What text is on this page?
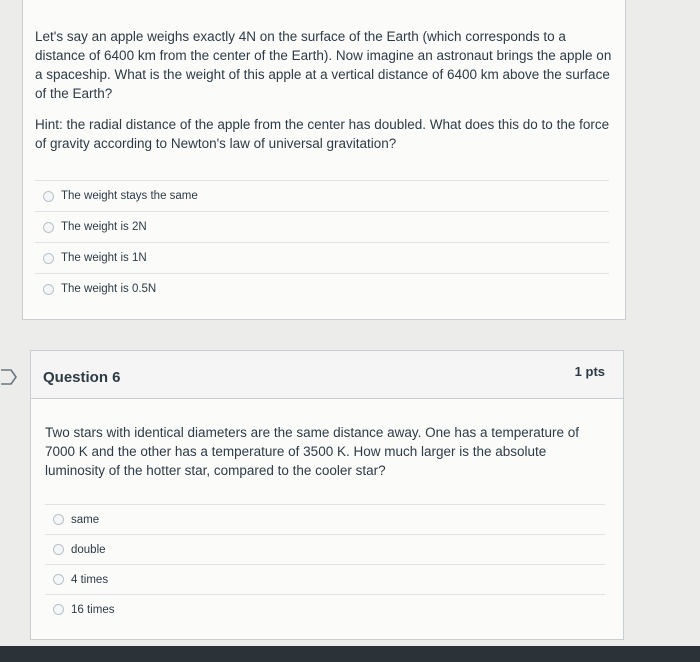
Let's say an apple weighs exactly 4N on the surface of the Earth (which corresponds to a distance of 6400 km from the center of the Earth). Now imagine an astronaut brings the apple on a spaceship. What is the weight of this apple at a vertical distance of 6400 km above the surface of the Earth?

Hint: the radial distance of the apple from the center has doubled. What does this do to the force of gravity according to Newton's law of universal gravitation?

The weight stays the same
The weight is 2N
The weight is 1N
The weight is 0.5N
Question 6	1 pts

Two stars with identical diameters are the same distance away. One has a temperature of 7000 K and the other has a temperature of 3500 K. How much larger is the absolute luminosity of the hotter star, compared to the cooler star?

same
double
4 times
16 times
